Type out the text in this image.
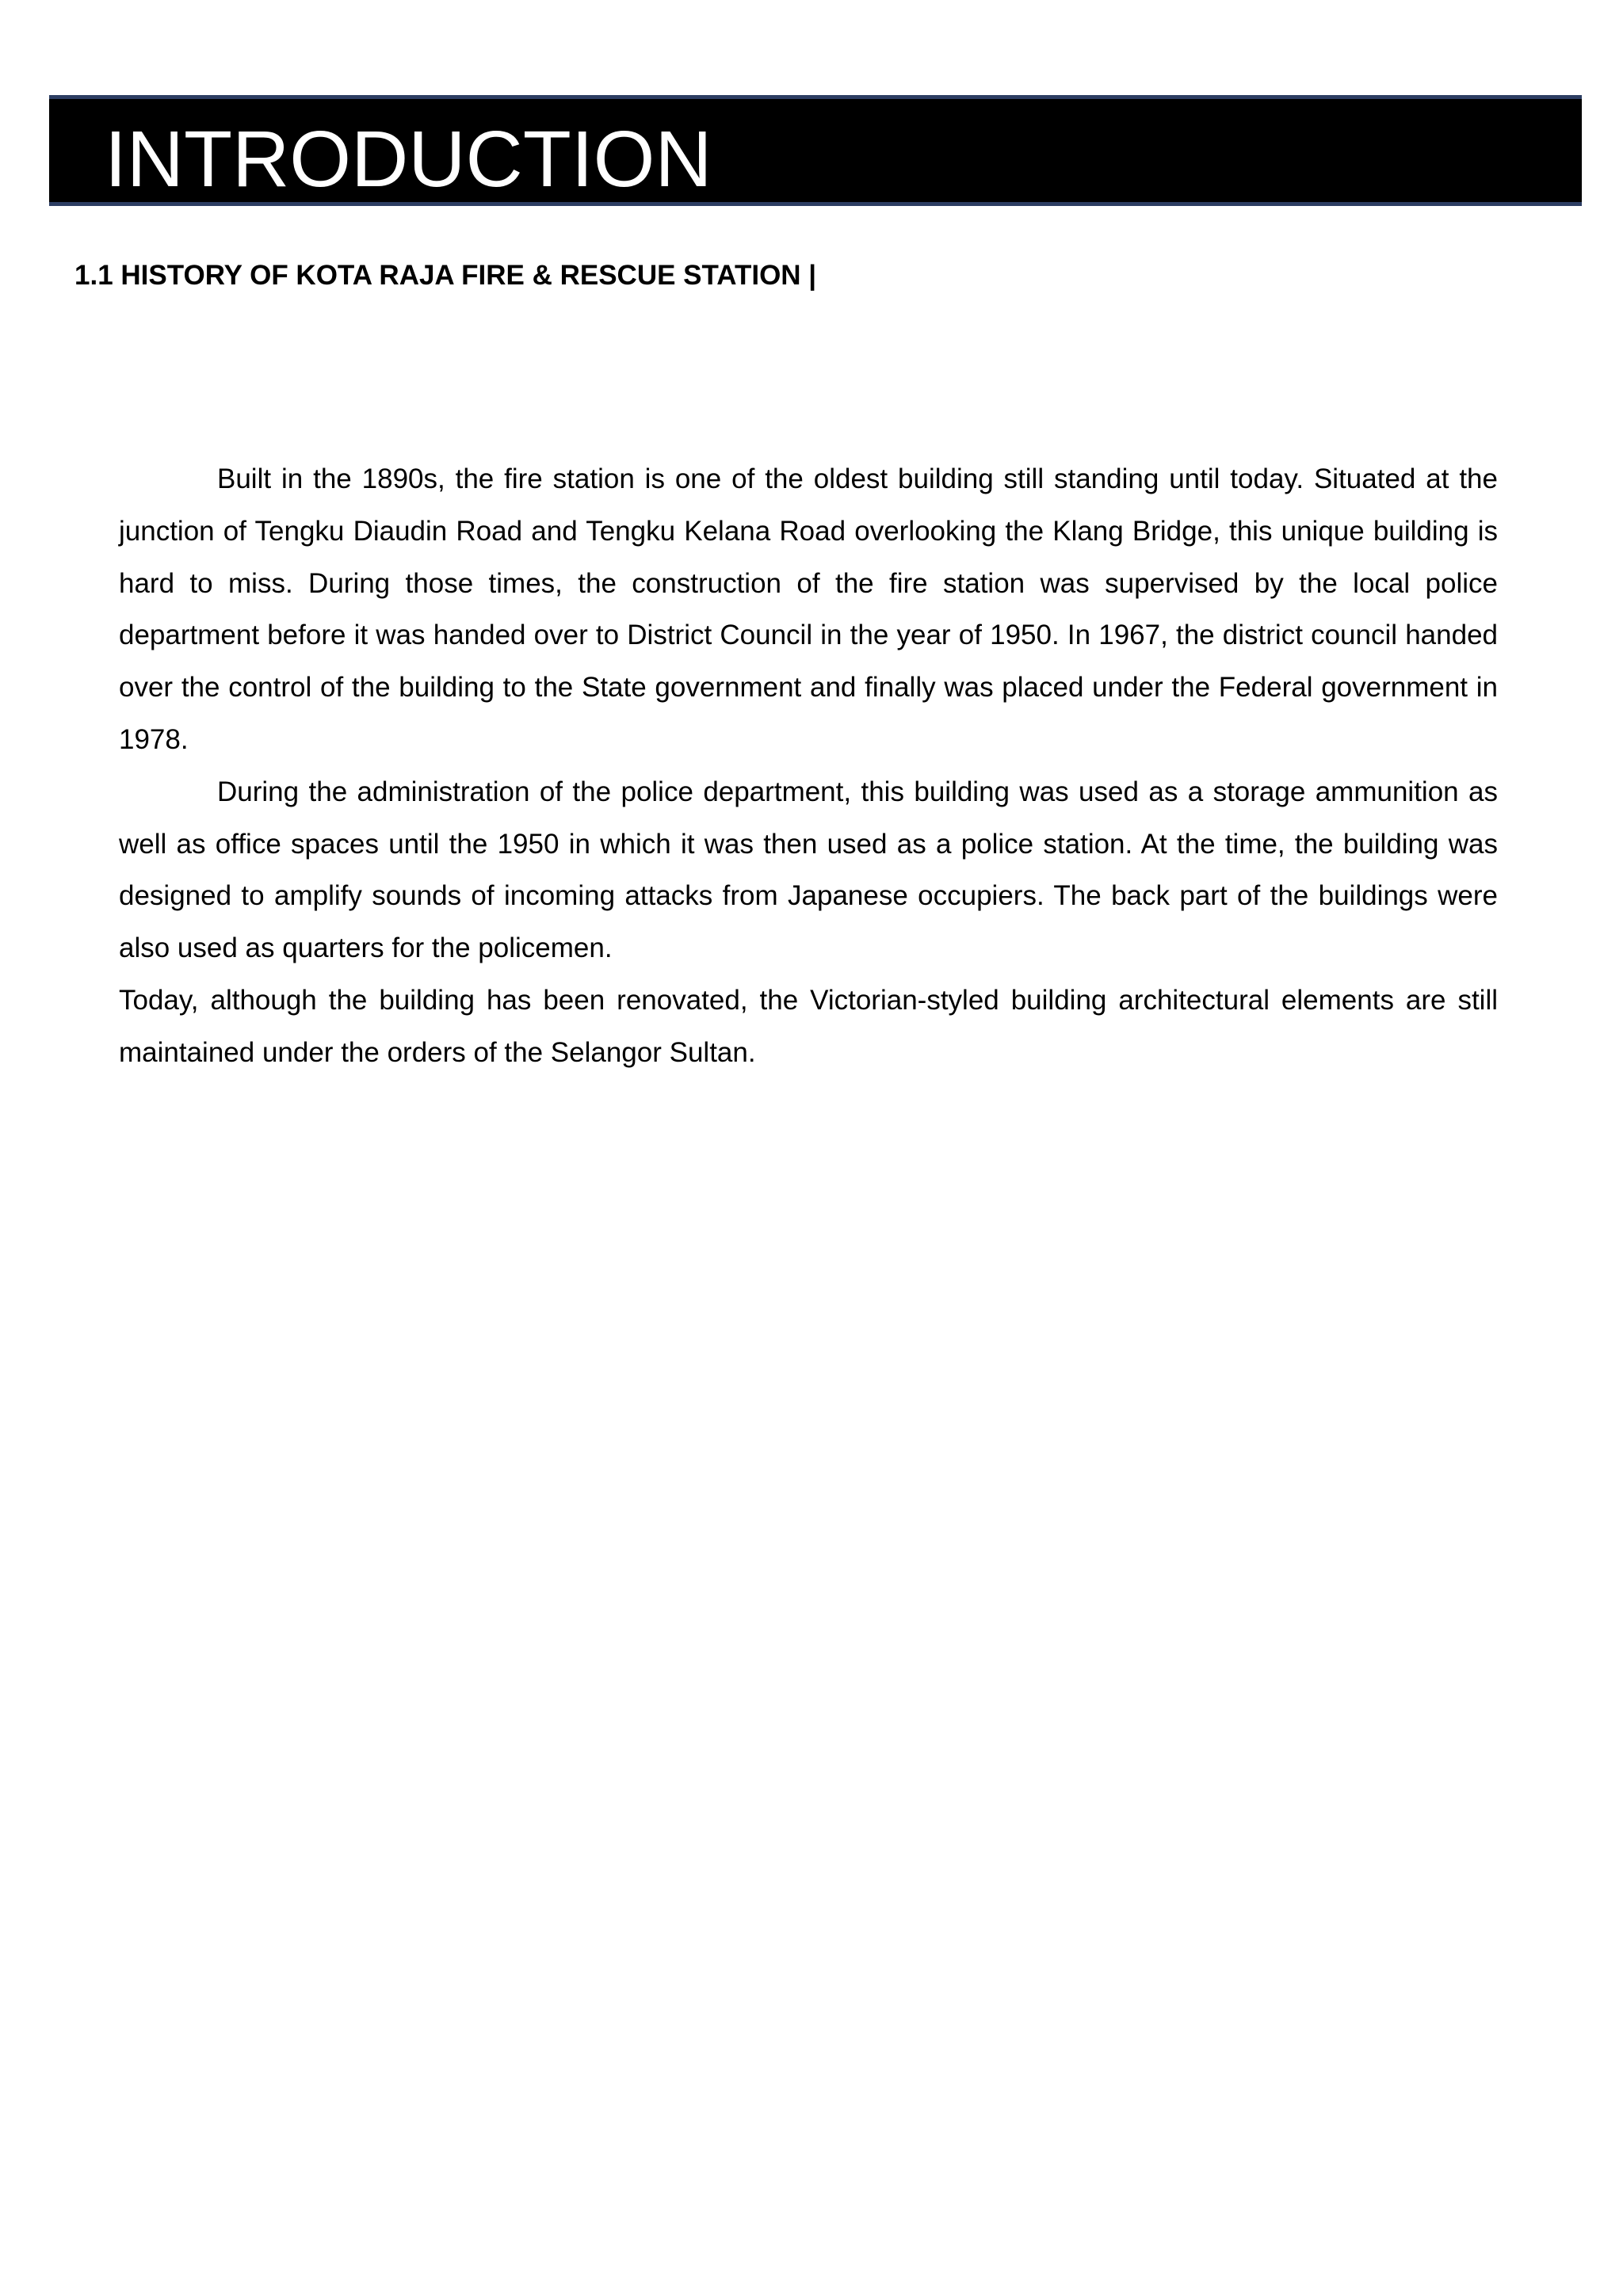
INTRODUCTION
1.1 HISTORY OF KOTA RAJA FIRE & RESCUE STATION |

Built in the 1890s, the fire station is one of the oldest building still standing until today. Situated at the junction of Tengku Diaudin Road and Tengku Kelana Road overlooking the Klang Bridge, this unique building is hard to miss. During those times, the construction of the fire station was supervised by the local police department before it was handed over to District Council in the year of 1950. In 1967, the district council handed over the control of the building to the State government and finally was placed under the Federal government in 1978.

During the administration of the police department, this building was used as a storage ammunition as well as office spaces until the 1950 in which it was then used as a police station. At the time, the building was designed to amplify sounds of incoming attacks from Japanese occupiers. The back part of the buildings were also used as quarters for the policemen.

Today, although the building has been renovated, the Victorian-styled building architectural elements are still maintained under the orders of the Selangor Sultan.
